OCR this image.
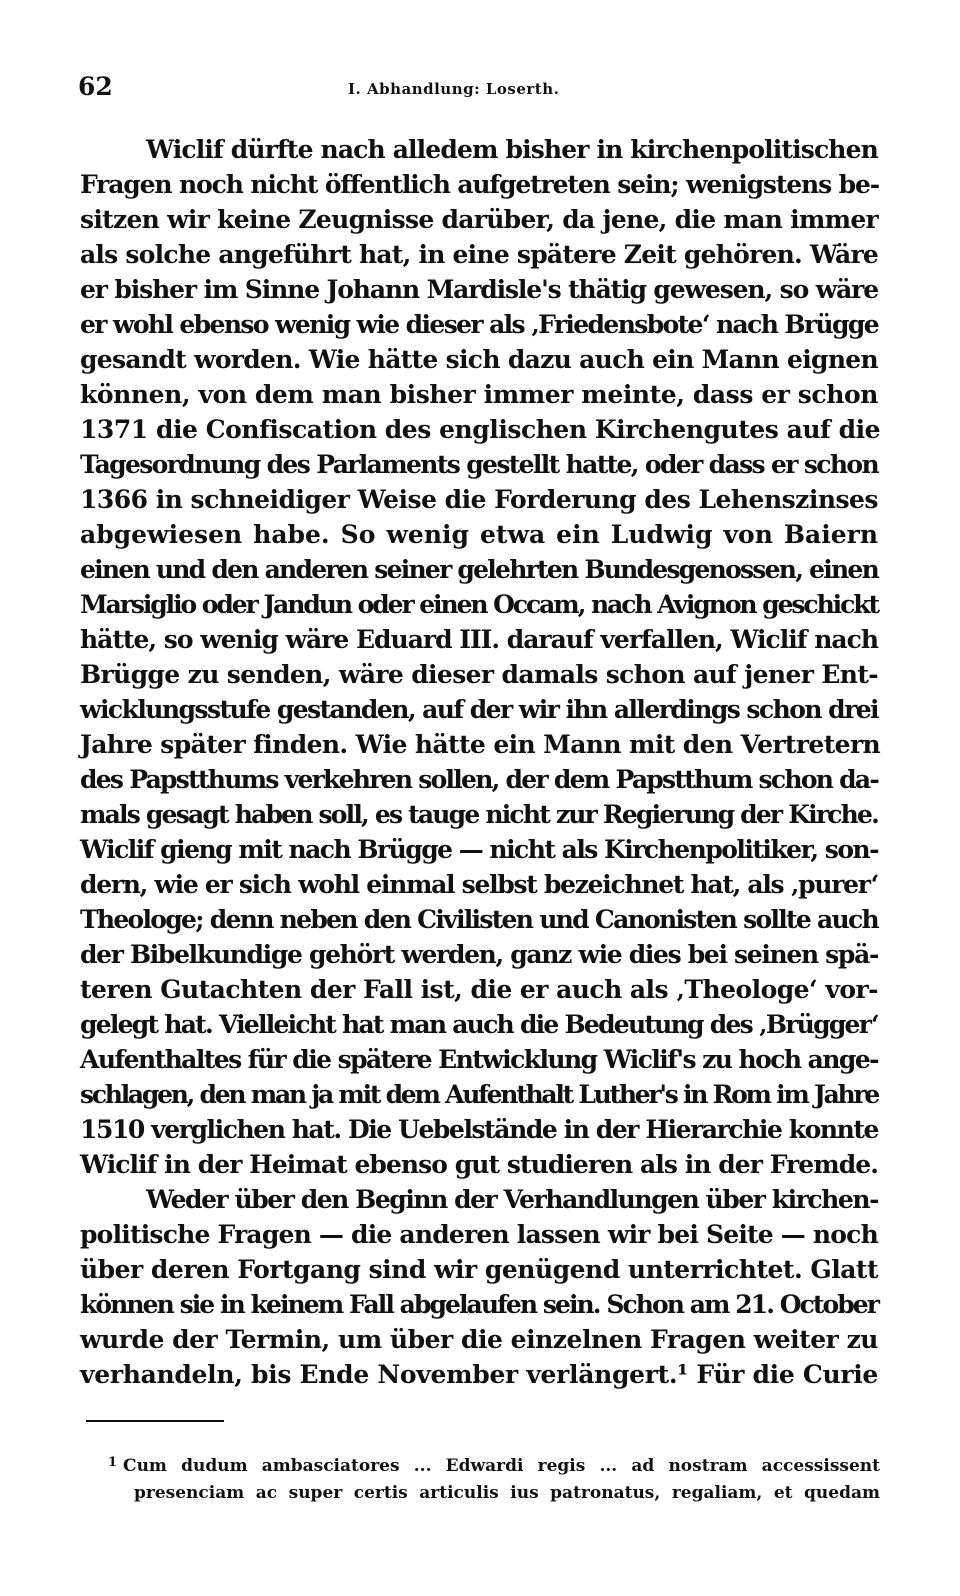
62	I. Abhandlung: Loserth.
Wiclif dürfte nach alledem bisher in kirchenpolitischen
Fragen noch nicht öffentlich aufgetreten sein; wenigstens be-
sitzen wir keine Zeugnisse darüber, da jene, die man immer
als solche angeführt hat, in eine spätere Zeit gehören. Wäre
er bisher im Sinne Johann Mardisle's thätig gewesen, so wäre
er wohl ebenso wenig wie dieser als ‚Friedensbote‘ nach Brügge
gesandt worden. Wie hätte sich dazu auch ein Mann eignen
können, von dem man bisher immer meinte, dass er schon
1371 die Confiscation des englischen Kirchengutes auf die
Tagesordnung des Parlaments gestellt hatte, oder dass er schon
1366 in schneidiger Weise die Forderung des Lehenszinses
abgewiesen habe. So wenig etwa ein Ludwig von Baiern
einen und den anderen seiner gelehrten Bundesgenossen, einen
Marsiglio oder Jandun oder einen Occam, nach Avignon geschickt
hätte, so wenig wäre Eduard III. darauf verfallen, Wiclif nach
Brügge zu senden, wäre dieser damals schon auf jener Ent-
wicklungsstufe gestanden, auf der wir ihn allerdings schon drei
Jahre später finden. Wie hätte ein Mann mit den Vertretern
des Papstthums verkehren sollen, der dem Papstthum schon da-
mals gesagt haben soll, es tauge nicht zur Regierung der Kirche.
Wiclif gieng mit nach Brügge — nicht als Kirchenpolitiker, son-
dern, wie er sich wohl einmal selbst bezeichnet hat, als ‚purer‘
Theologe; denn neben den Civilisten und Canonisten sollte auch
der Bibelkundige gehört werden, ganz wie dies bei seinen spä-
teren Gutachten der Fall ist, die er auch als ‚Theologe‘ vor-
gelegt hat. Vielleicht hat man auch die Bedeutung des ‚Brügger‘
Aufenthaltes für die spätere Entwicklung Wiclif's zu hoch ange-
schlagen, den man ja mit dem Aufenthalt Luther's in Rom im Jahre
1510 verglichen hat. Die Uebelstände in der Hierarchie konnte
Wiclif in der Heimat ebenso gut studieren als in der Fremde.
Weder über den Beginn der Verhandlungen über kirchen-
politische Fragen — die anderen lassen wir bei Seite — noch
über deren Fortgang sind wir genügend unterrichtet. Glatt
können sie in keinem Fall abgelaufen sein. Schon am 21. October
wurde der Termin, um über die einzelnen Fragen weiter zu
verhandeln, bis Ende November verlängert.¹ Für die Curie
$^1$ Cum dudum ambasciatores ... Edwardi regis ... ad nostram accessissent
presenciam ac super certis articulis ius patronatus, regaliam, et quedam
